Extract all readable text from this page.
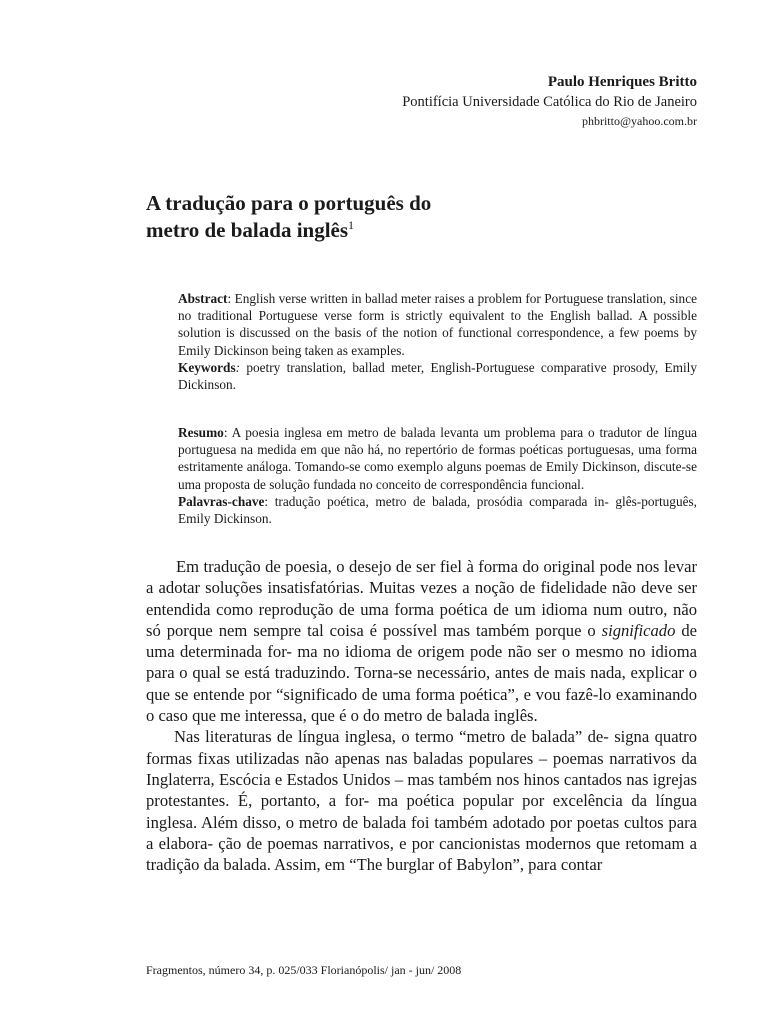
Paulo Henriques Britto
Pontifícia Universidade Católica do Rio de Janeiro
phbritto@yahoo.com.br
A tradução para o português do
metro de balada inglês$^1$
Abstract: English verse written in ballad meter raises a problem for Portuguese translation, since no traditional Portuguese verse form is strictly equivalent to the English ballad. A possible solution is discussed on the basis of the notion of functional correspondence, a few poems by Emily Dickinson being taken as examples.
Keywords: poetry translation, ballad meter, English-Portuguese comparative prosody, Emily Dickinson.
Resumo: A poesia inglesa em metro de balada levanta um problema para o tradutor de língua portuguesa na medida em que não há, no repertório de formas poéticas portuguesas, uma forma estritamente análoga. Tomando-se como exemplo alguns poemas de Emily Dickinson, discute-se uma proposta de solução fundada no conceito de correspondência funcional.
Palavras-chave: tradução poética, metro de balada, prosódia comparada in- glês-português, Emily Dickinson.

Em tradução de poesia, o desejo de ser fiel à forma do original pode nos levar a adotar soluções insatisfatórias. Muitas vezes a noção de fidelidade não deve ser entendida como reprodução de uma forma poética de um idioma num outro, não só porque nem sempre tal coisa é possível mas também porque o significado de uma determinada for- ma no idioma de origem pode não ser o mesmo no idioma para o qual se está traduzindo. Torna-se necessário, antes de mais nada, explicar o que se entende por “significado de uma forma poética”, e vou fazê-lo examinando o caso que me interessa, que é o do metro de balada inglês.

Nas literaturas de língua inglesa, o termo “metro de balada” de- signa quatro formas fixas utilizadas não apenas nas baladas populares – poemas narrativos da Inglaterra, Escócia e Estados Unidos – mas também nos hinos cantados nas igrejas protestantes. É, portanto, a for- ma poética popular por excelência da língua inglesa. Além disso, o metro de balada foi também adotado por poetas cultos para a elabora- ção de poemas narrativos, e por cancionistas modernos que retomam a tradição da balada. Assim, em “The burglar of Babylon”, para contar

Fragmentos, número 34, p. 025/033 Florianópolis/ jan - jun/ 2008
